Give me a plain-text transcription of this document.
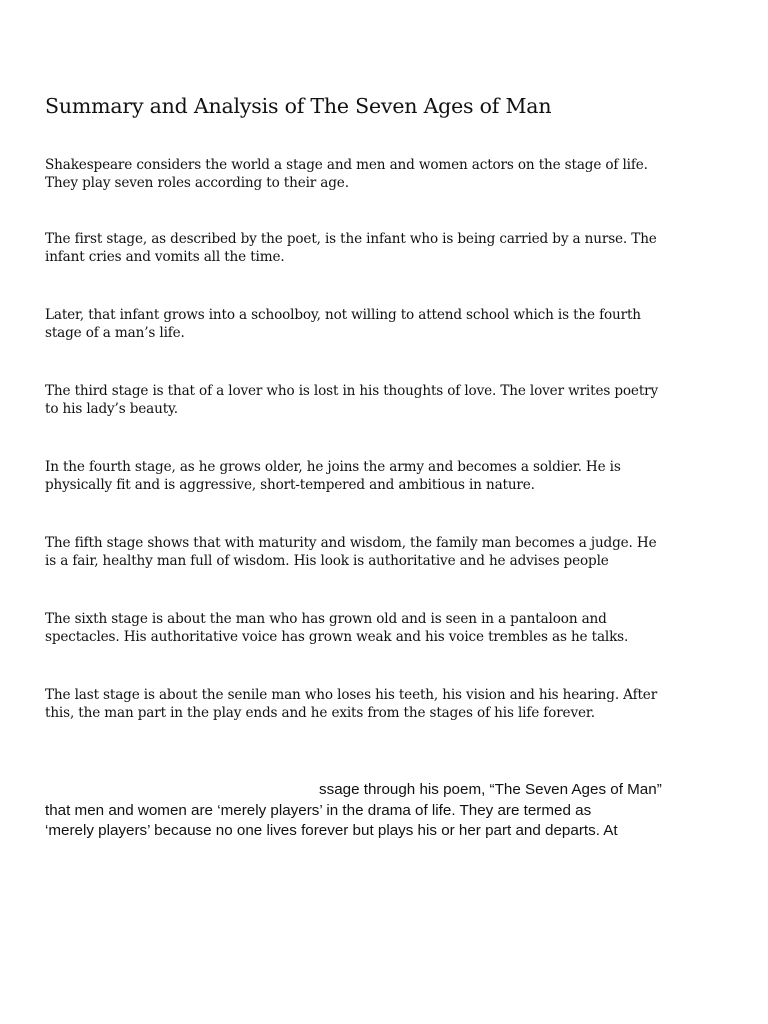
Summary and Analysis of The Seven Ages of Man

Shakespeare considers the world a stage and men and women actors on the stage of life.
They play seven roles according to their age.

The first stage, as described by the poet, is the infant who is being carried by a nurse. The
infant cries and vomits all the time.

Later, that infant grows into a schoolboy, not willing to attend school which is the fourth
stage of a man’s life.

The third stage is that of a lover who is lost in his thoughts of love. The lover writes poetry
to his lady’s beauty.

In the fourth stage, as he grows older, he joins the army and becomes a soldier. He is
physically fit and is aggressive, short-tempered and ambitious in nature.

The fifth stage shows that with maturity and wisdom, the family man becomes a judge. He
is a fair, healthy man full of wisdom. His look is authoritative and he advises people

The sixth stage is about the man who has grown old and is seen in a pantaloon and
spectacles. His authoritative voice has grown weak and his voice trembles as he talks.

The last stage is about the senile man who loses his teeth, his vision and his hearing. After
this, the man part in the play ends and he exits from the stages of his life forever.

ssage through his poem, “The Seven Ages of Man”
that men and women are ‘merely players’ in the drama of life. They are termed as
‘merely players’ because no one lives forever but plays his or her part and departs. At
